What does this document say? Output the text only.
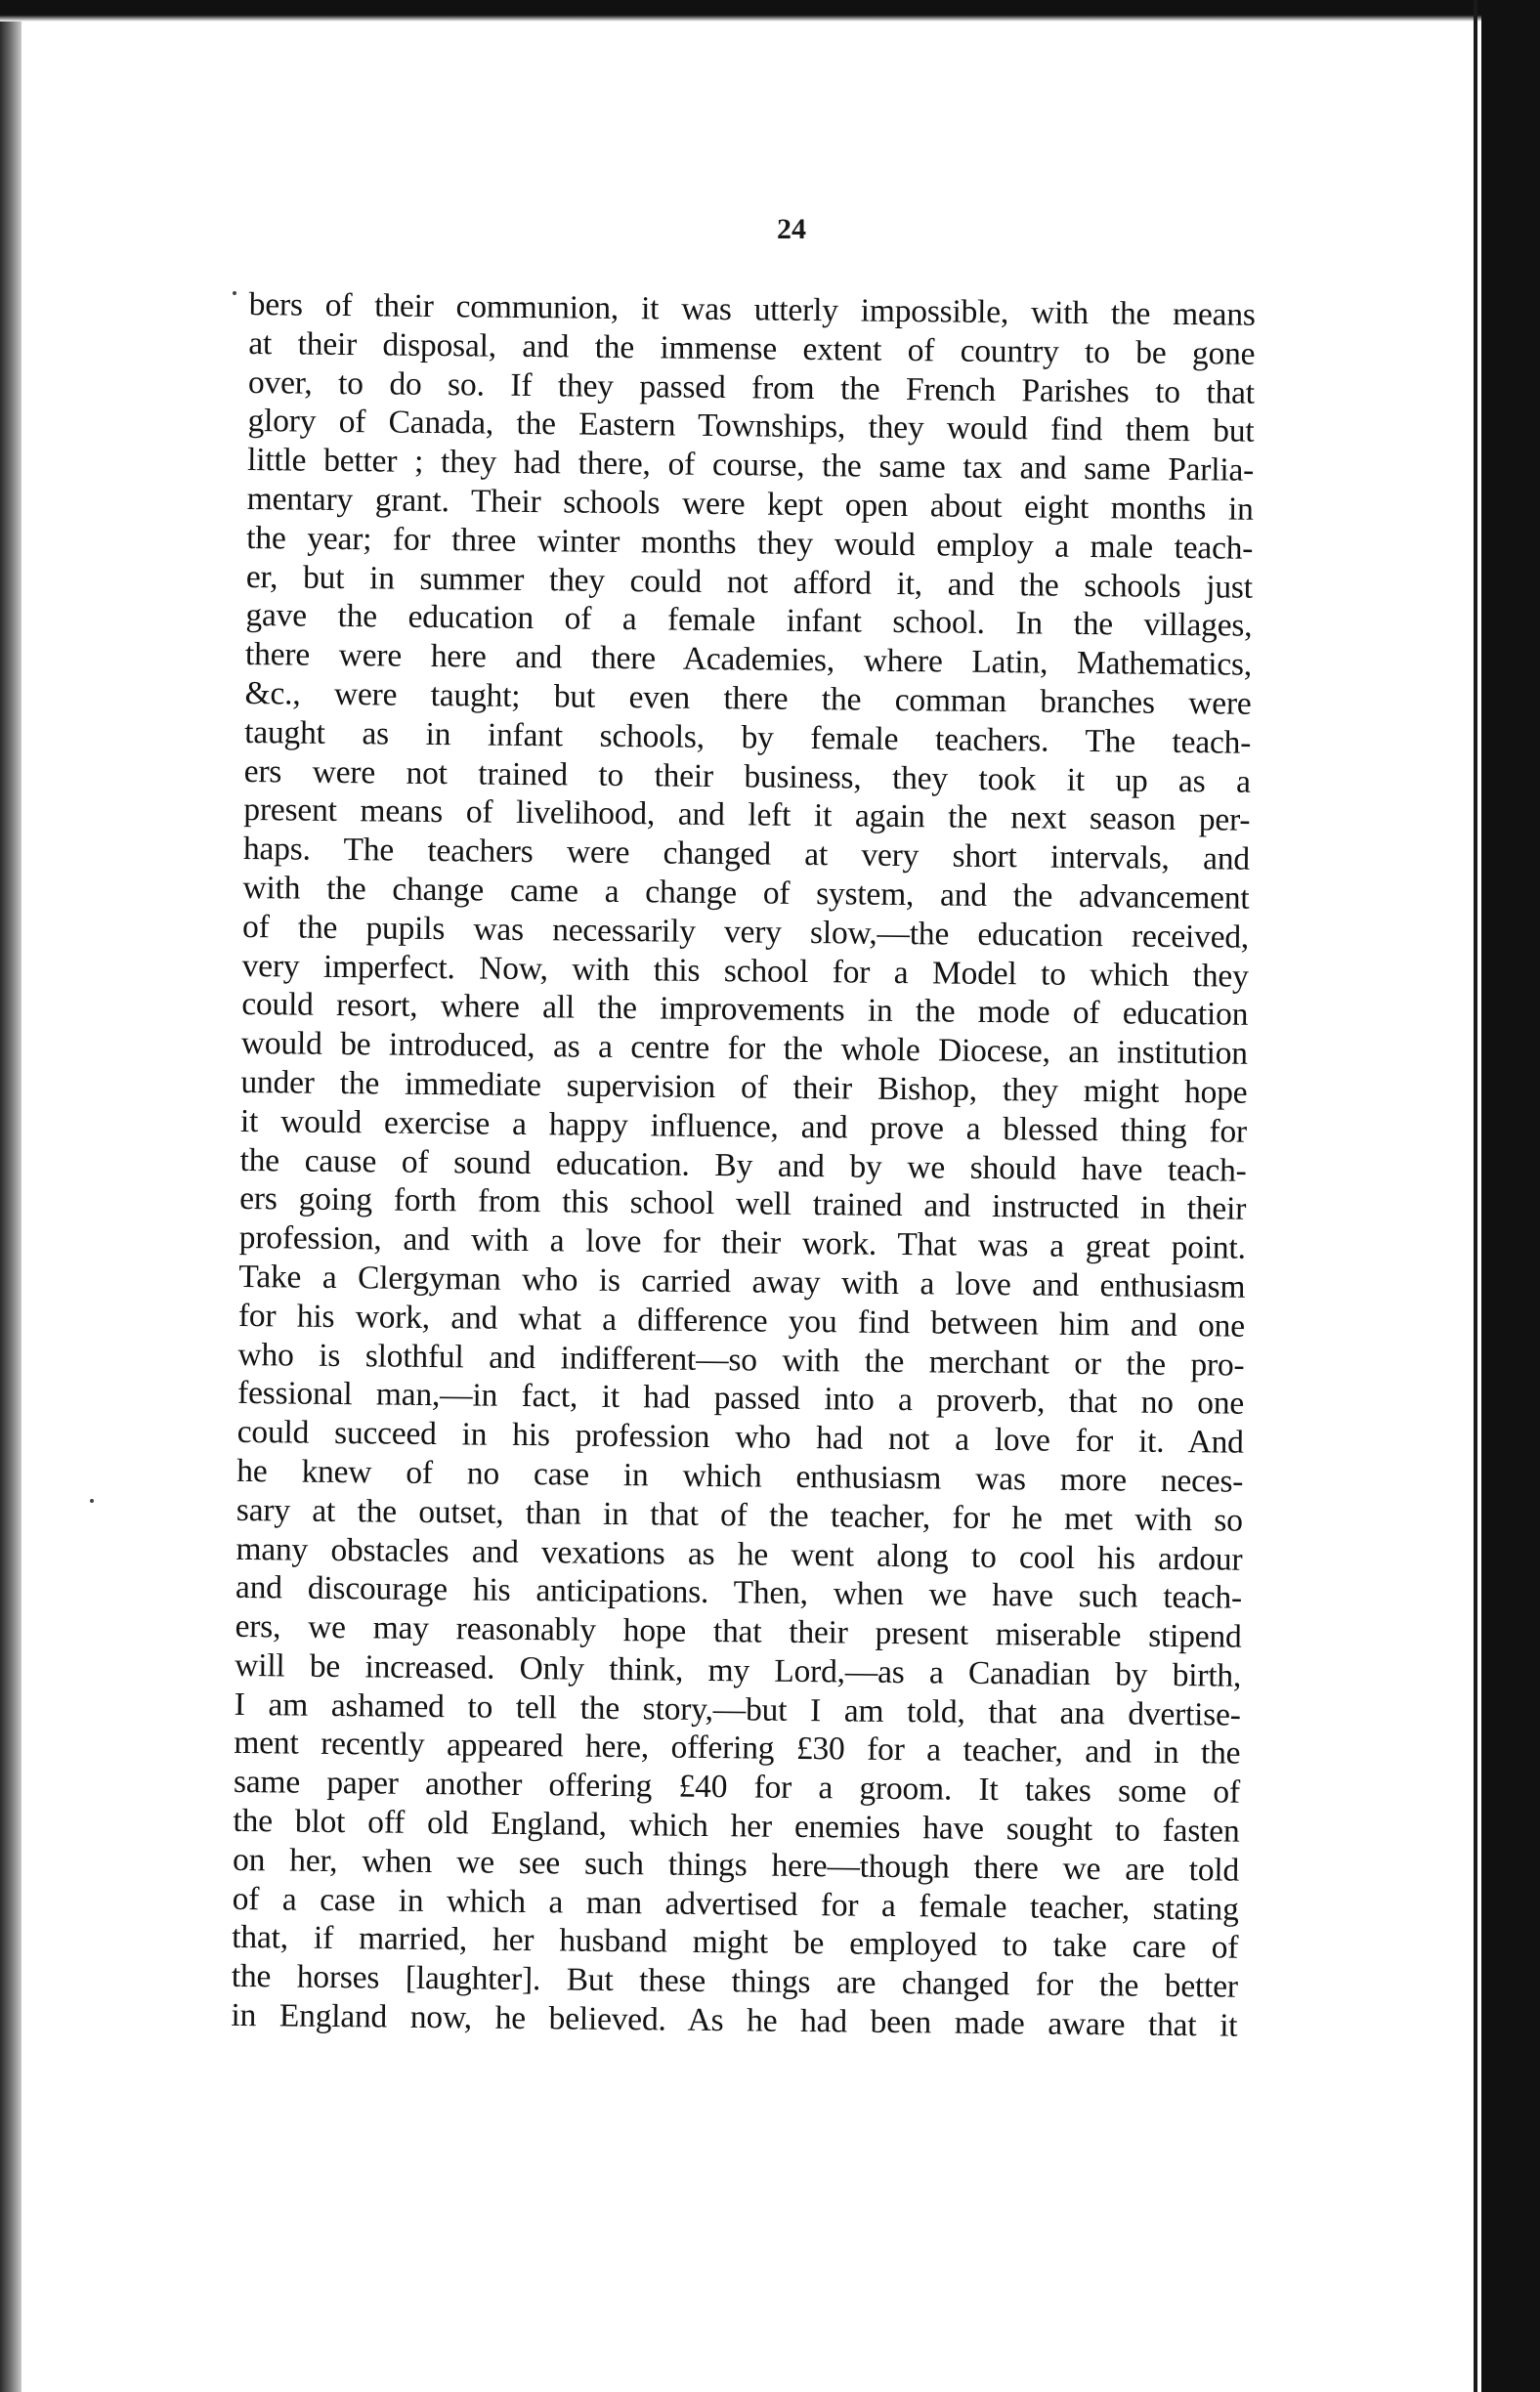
24
bers of their communion, it was utterly impossible, with the means
at their disposal, and the immense extent of country to be gone
over, to do so. If they passed from the French Parishes to that
glory of Canada, the Eastern Townships, they would find them but
little better ; they had there, of course, the same tax and same Parlia-
mentary grant. Their schools were kept open about eight months in
the year; for three winter months they would employ a male teach-
er, but in summer they could not afford it, and the schools just
gave the education of a female infant school. In the villages,
there were here and there Academies, where Latin, Mathematics,
&c., were taught; but even there the comman branches were
taught as in infant schools, by female teachers. The teach-
ers were not trained to their business, they took it up as a
present means of livelihood, and left it again the next season per-
haps. The teachers were changed at very short intervals, and
with the change came a change of system, and the advancement
of the pupils was necessarily very slow,—the education received,
very imperfect. Now, with this school for a Model to which they
could resort, where all the improvements in the mode of education
would be introduced, as a centre for the whole Diocese, an institution
under the immediate supervision of their Bishop, they might hope
it would exercise a happy influence, and prove a blessed thing for
the cause of sound education. By and by we should have teach-
ers going forth from this school well trained and instructed in their
profession, and with a love for their work. That was a great point.
Take a Clergyman who is carried away with a love and enthusiasm
for his work, and what a difference you find between him and one
who is slothful and indifferent—so with the merchant or the pro-
fessional man,—in fact, it had passed into a proverb, that no one
could succeed in his profession who had not a love for it. And
he knew of no case in which enthusiasm was more neces-
sary at the outset, than in that of the teacher, for he met with so
many obstacles and vexations as he went along to cool his ardour
and discourage his anticipations. Then, when we have such teach-
ers, we may reasonably hope that their present miserable stipend
will be increased. Only think, my Lord,—as a Canadian by birth,
I am ashamed to tell the story,—but I am told, that ana dvertise-
ment recently appeared here, offering £30 for a teacher, and in the
same paper another offering £40 for a groom. It takes some of
the blot off old England, which her enemies have sought to fasten
on her, when we see such things here—though there we are told
of a case in which a man advertised for a female teacher, stating
that, if married, her husband might be employed to take care of
the horses [laughter]. But these things are changed for the better
in England now, he believed. As he had been made aware that it
